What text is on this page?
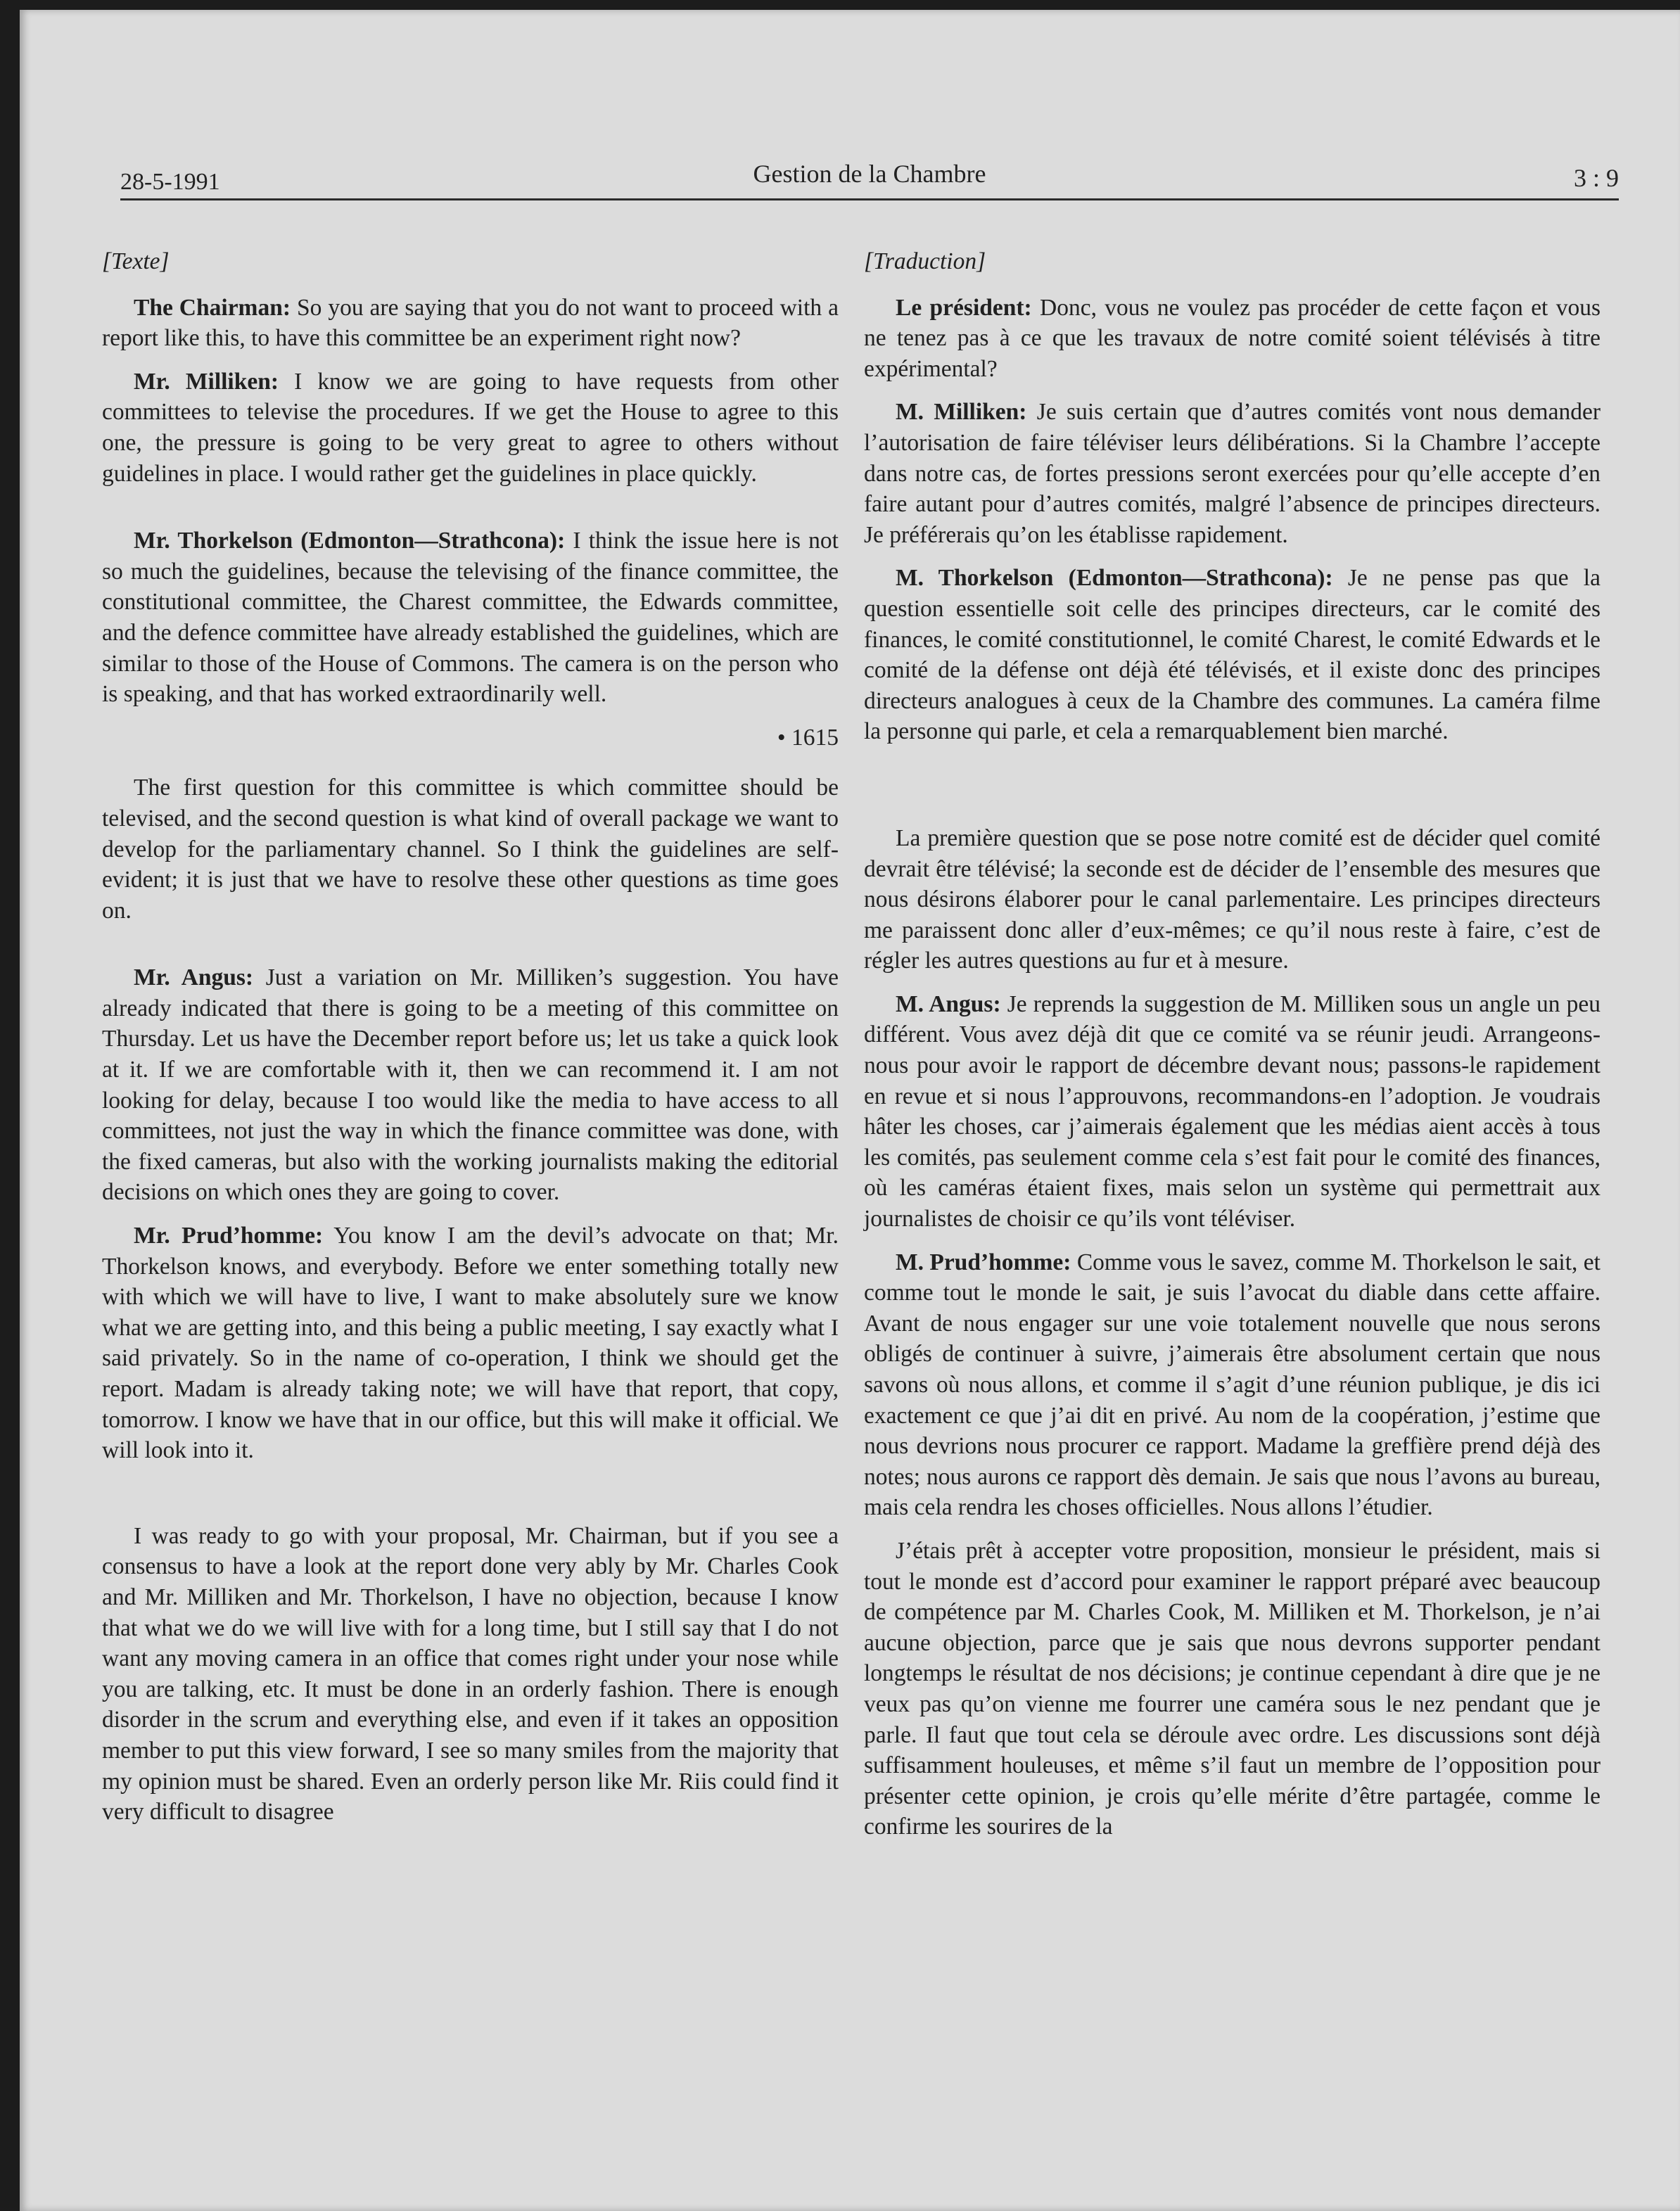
28-5-1991	Gestion de la Chambre	3 : 9

[Texte]

The Chairman: So you are saying that you do not want to proceed with a report like this, to have this committee be an experiment right now?

Mr. Milliken: I know we are going to have requests from other committees to televise the procedures. If we get the House to agree to this one, the pressure is going to be very great to agree to others without guidelines in place. I would rather get the guidelines in place quickly.

Mr. Thorkelson (Edmonton—Strathcona): I think the issue here is not so much the guidelines, because the televising of the finance committee, the constitutional committee, the Charest committee, the Edwards committee, and the defence committee have already established the guidelines, which are similar to those of the House of Commons. The camera is on the person who is speaking, and that has worked extraordinarily well.

• 1615

The first question for this committee is which committee should be televised, and the second question is what kind of overall package we want to develop for the parliamentary channel. So I think the guidelines are self-evident; it is just that we have to resolve these other questions as time goes on.

Mr. Angus: Just a variation on Mr. Milliken’s suggestion. You have already indicated that there is going to be a meeting of this committee on Thursday. Let us have the December report before us; let us take a quick look at it. If we are comfortable with it, then we can recommend it. I am not looking for delay, because I too would like the media to have access to all committees, not just the way in which the finance committee was done, with the fixed cameras, but also with the working journalists making the editorial decisions on which ones they are going to cover.

Mr. Prud’homme: You know I am the devil’s advocate on that; Mr. Thorkelson knows, and everybody. Before we enter something totally new with which we will have to live, I want to make absolutely sure we know what we are getting into, and this being a public meeting, I say exactly what I said privately. So in the name of co-operation, I think we should get the report. Madam is already taking note; we will have that report, that copy, tomorrow. I know we have that in our office, but this will make it official. We will look into it.

I was ready to go with your proposal, Mr. Chairman, but if you see a consensus to have a look at the report done very ably by Mr. Charles Cook and Mr. Milliken and Mr. Thorkelson, I have no objection, because I know that what we do we will live with for a long time, but I still say that I do not want any moving camera in an office that comes right under your nose while you are talking, etc. It must be done in an orderly fashion. There is enough disorder in the scrum and everything else, and even if it takes an opposition member to put this view forward, I see so many smiles from the majority that my opinion must be shared. Even an orderly person like Mr. Riis could find it very difficult to disagree

[Traduction]

Le président: Donc, vous ne voulez pas procéder de cette façon et vous ne tenez pas à ce que les travaux de notre comité soient télévisés à titre expérimental?

M. Milliken: Je suis certain que d’autres comités vont nous demander l’autorisation de faire téléviser leurs délibérations. Si la Chambre l’accepte dans notre cas, de fortes pressions seront exercées pour qu’elle accepte d’en faire autant pour d’autres comités, malgré l’absence de principes directeurs. Je préférerais qu’on les établisse rapidement.

M. Thorkelson (Edmonton—Strathcona): Je ne pense pas que la question essentielle soit celle des principes directeurs, car le comité des finances, le comité constitutionnel, le comité Charest, le comité Edwards et le comité de la défense ont déjà été télévisés, et il existe donc des principes directeurs analogues à ceux de la Chambre des communes. La caméra filme la personne qui parle, et cela a remarquablement bien marché.

La première question que se pose notre comité est de décider quel comité devrait être télévisé; la seconde est de décider de l’ensemble des mesures que nous désirons élaborer pour le canal parlementaire. Les principes directeurs me paraissent donc aller d’eux-mêmes; ce qu’il nous reste à faire, c’est de régler les autres questions au fur et à mesure.

M. Angus: Je reprends la suggestion de M. Milliken sous un angle un peu différent. Vous avez déjà dit que ce comité va se réunir jeudi. Arrangeons-nous pour avoir le rapport de décembre devant nous; passons-le rapidement en revue et si nous l’approuvons, recommandons-en l’adoption. Je voudrais hâter les choses, car j’aimerais également que les médias aient accès à tous les comités, pas seulement comme cela s’est fait pour le comité des finances, où les caméras étaient fixes, mais selon un système qui permettrait aux journalistes de choisir ce qu’ils vont téléviser.

M. Prud’homme: Comme vous le savez, comme M. Thorkelson le sait, et comme tout le monde le sait, je suis l’avocat du diable dans cette affaire. Avant de nous engager sur une voie totalement nouvelle que nous serons obligés de continuer à suivre, j’aimerais être absolument certain que nous savons où nous allons, et comme il s’agit d’une réunion publique, je dis ici exactement ce que j’ai dit en privé. Au nom de la coopération, j’estime que nous devrions nous procurer ce rapport. Madame la greffière prend déjà des notes; nous aurons ce rapport dès demain. Je sais que nous l’avons au bureau, mais cela rendra les choses officielles. Nous allons l’étudier.

J’étais prêt à accepter votre proposition, monsieur le président, mais si tout le monde est d’accord pour examiner le rapport préparé avec beaucoup de compétence par M. Charles Cook, M. Milliken et M. Thorkelson, je n’ai aucune objection, parce que je sais que nous devrons supporter pendant longtemps le résultat de nos décisions; je continue cependant à dire que je ne veux pas qu’on vienne me fourrer une caméra sous le nez pendant que je parle. Il faut que tout cela se déroule avec ordre. Les discussions sont déjà suffisamment houleuses, et même s’il faut un membre de l’opposition pour présenter cette opinion, je crois qu’elle mérite d’être partagée, comme le confirme les sourires de la
